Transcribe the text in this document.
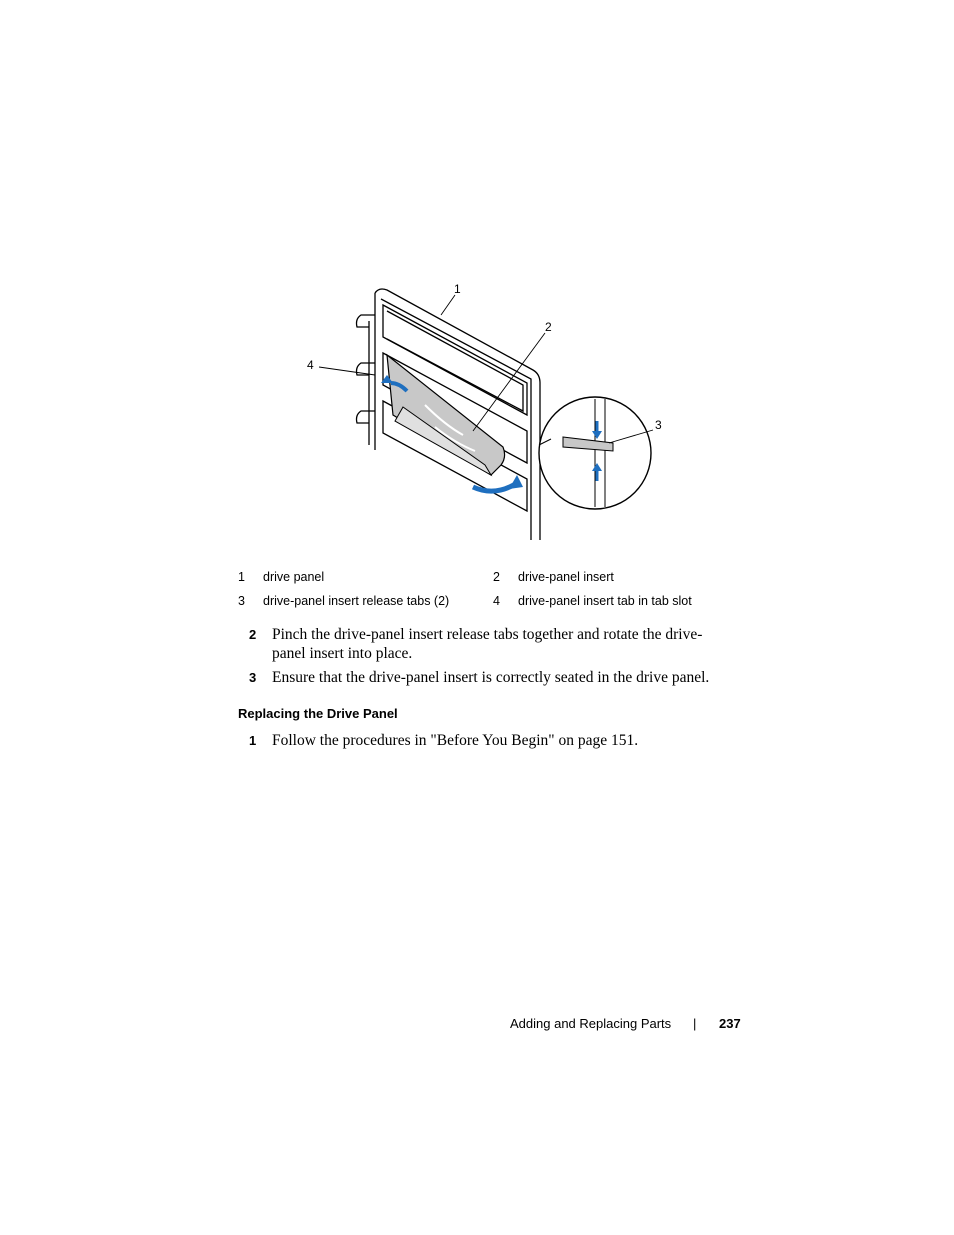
1
2
3
4
1	drive panel	2	drive-panel insert
3	drive-panel insert release tabs (2)	4	drive-panel insert tab in tab slot
2 Pinch the drive-panel insert release tabs together and rotate the drive-panel insert into place.
3 Ensure that the drive-panel insert is correctly seated in the drive panel.
Replacing the Drive Panel
1 Follow the procedures in "Before You Begin" on page 151.
Adding and Replacing Parts | 237
